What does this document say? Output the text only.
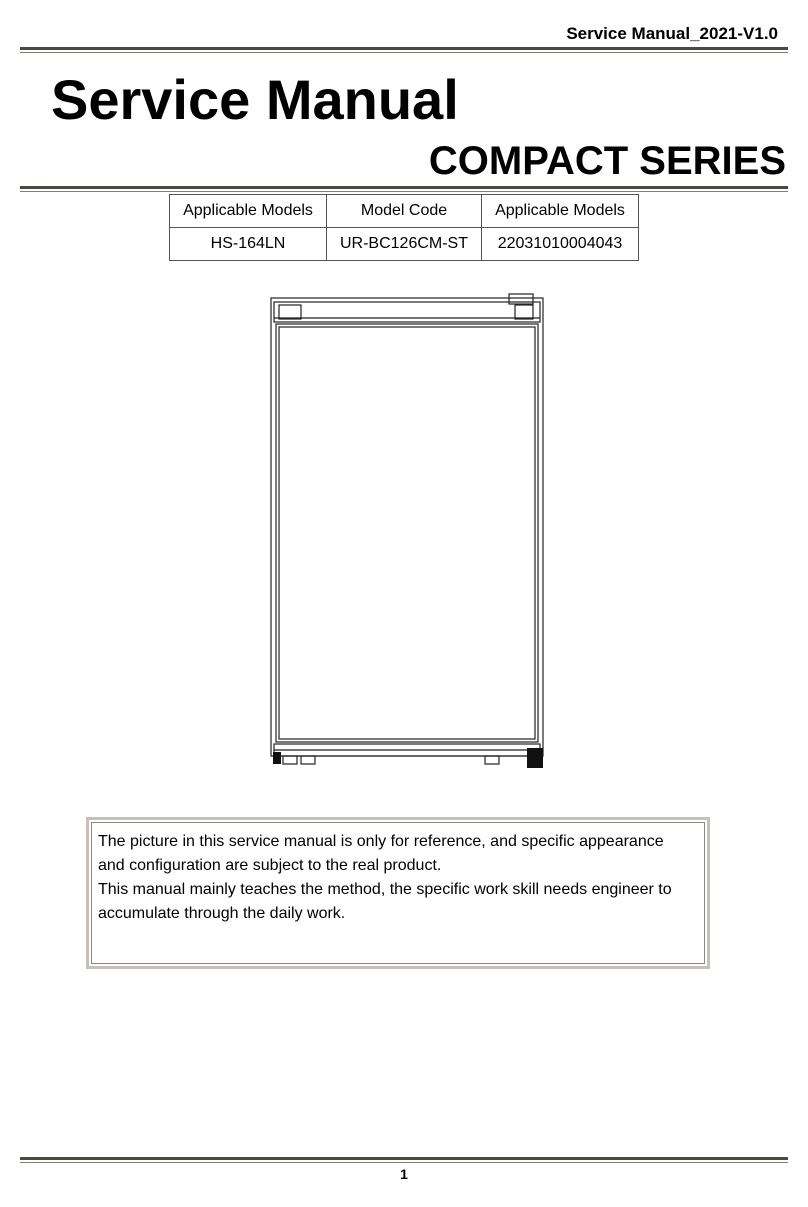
Service Manual_2021-V1.0
Service Manual
COMPACT SERIES
Applicable Models	Model Code	Applicable Models
HS-164LN	UR-BC126CM-ST	22031010004043

The picture in this service manual is only for reference, and specific appearance

and configuration are subject to the real product.

This manual mainly teaches the method, the specific work skill needs engineer to

accumulate through the daily work.

1
